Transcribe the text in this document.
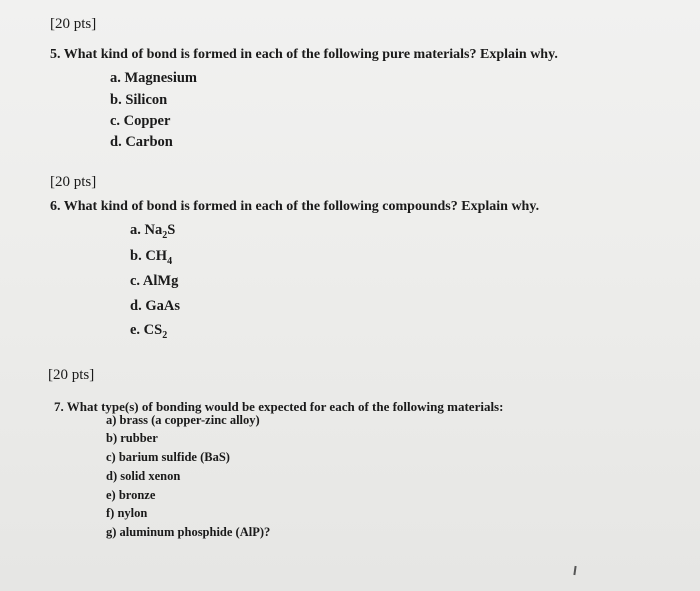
[20 pts]
5. What kind of bond is formed in each of the following pure materials? Explain why.
a. Magnesium
b. Silicon
c. Copper
d. Carbon
[20 pts]
6. What kind of bond is formed in each of the following compounds? Explain why.
a. $Na_2S$
b. $CH_4$
c. AlMg
d. GaAs
e. $CS_2$
[20 pts]
7. What type(s) of bonding would be expected for each of the following materials:
a) brass (a copper-zinc alloy)
b) rubber
c) barium sulfide (BaS)
d) solid xenon
e) bronze
f) nylon
g) aluminum phosphide (AlP)?
